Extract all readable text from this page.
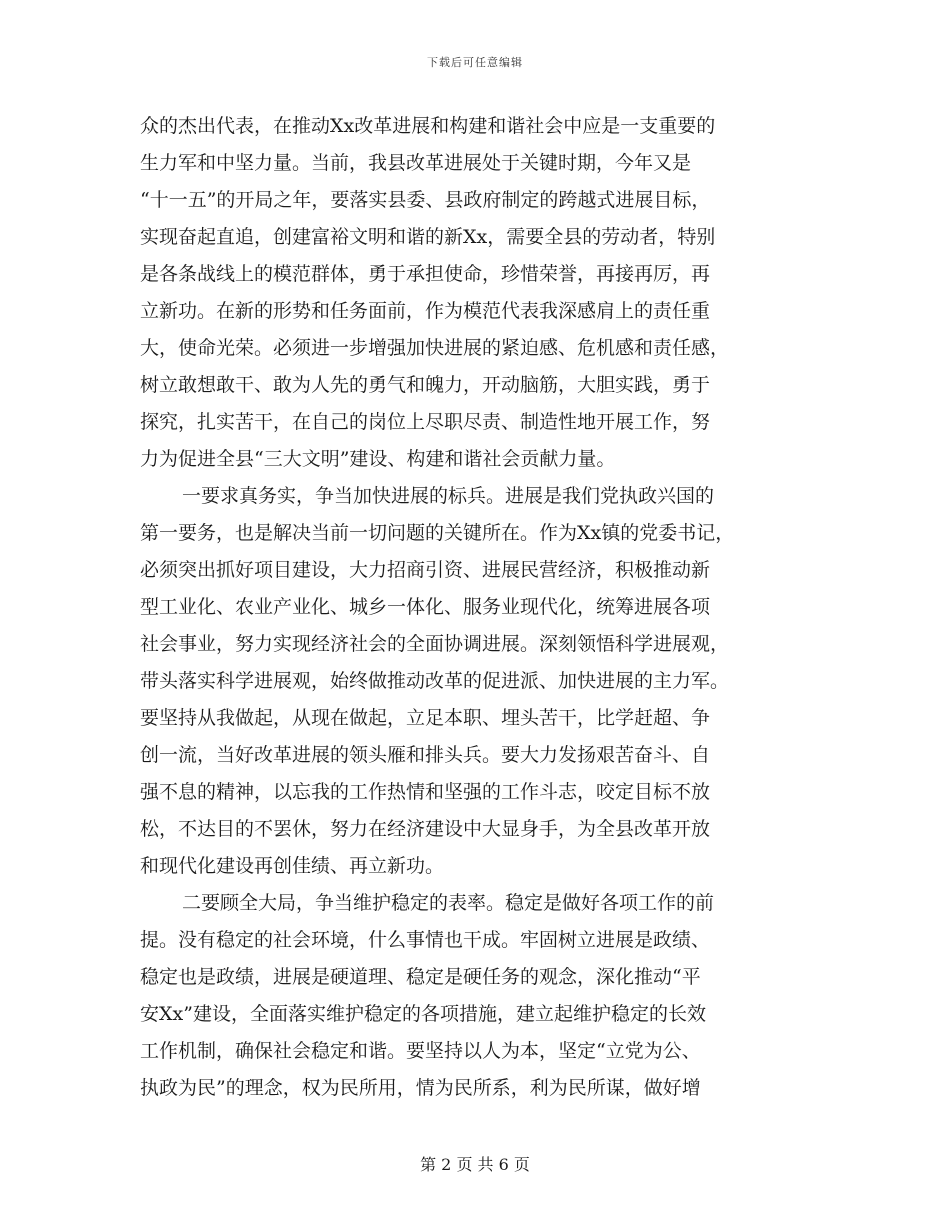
下载后可任意编辑
众的杰出代表，在推动Xx改革进展和构建和谐社会中应是一支重要的
生力军和中坚力量。当前，我县改革进展处于关键时期，今年又是
“十一五”的开局之年，要落实县委、县政府制定的跨越式进展目标，
实现奋起直追，创建富裕文明和谐的新Xx，需要全县的劳动者，特别
是各条战线上的模范群体，勇于承担使命，珍惜荣誉，再接再厉，再
立新功。在新的形势和任务面前，作为模范代表我深感肩上的责任重
大，使命光荣。必须进一步增强加快进展的紧迫感、危机感和责任感，
树立敢想敢干、敢为人先的勇气和魄力，开动脑筋，大胆实践，勇于
探究，扎实苦干，在自己的岗位上尽职尽责、制造性地开展工作，努
力为促进全县“三大文明”建设、构建和谐社会贡献力量。
一要求真务实，争当加快进展的标兵。进展是我们党执政兴国的
第一要务，也是解决当前一切问题的关键所在。作为Xx镇的党委书记，
必须突出抓好项目建设，大力招商引资、进展民营经济，积极推动新
型工业化、农业产业化、城乡一体化、服务业现代化，统筹进展各项
社会事业，努力实现经济社会的全面协调进展。深刻领悟科学进展观，
带头落实科学进展观，始终做推动改革的促进派、加快进展的主力军。
要坚持从我做起，从现在做起，立足本职、埋头苦干，比学赶超、争
创一流，当好改革进展的领头雁和排头兵。要大力发扬艰苦奋斗、自
强不息的精神，以忘我的工作热情和坚强的工作斗志，咬定目标不放
松，不达目的不罢休，努力在经济建设中大显身手，为全县改革开放
和现代化建设再创佳绩、再立新功。
二要顾全大局，争当维护稳定的表率。稳定是做好各项工作的前
提。没有稳定的社会环境，什么事情也干成。牢固树立进展是政绩、
稳定也是政绩，进展是硬道理、稳定是硬任务的观念，深化推动“平
安Xx”建设，全面落实维护稳定的各项措施，建立起维护稳定的长效
工作机制，确保社会稳定和谐。要坚持以人为本，坚定“立党为公、
执政为民”的理念，权为民所用，情为民所系，利为民所谋，做好增
第 2 页 共 6 页
